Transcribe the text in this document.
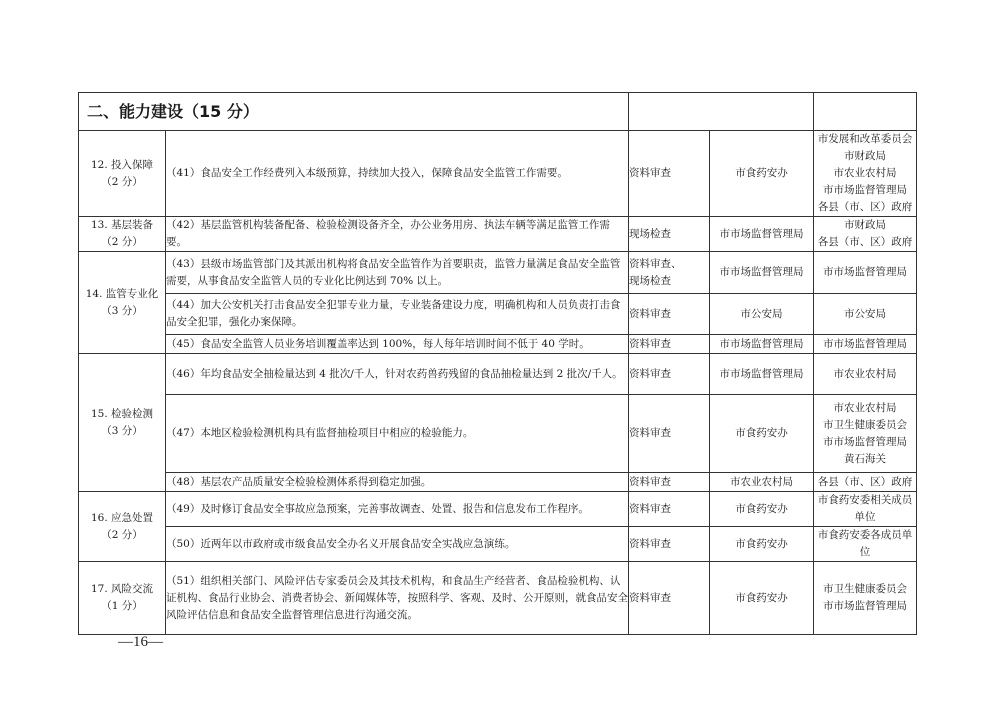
二、能力建设（15 分）				

12. 投入保障
（2 分）	（41）食品安全工作经费列入本级预算，持续加大投入，保障食品安全监管工作需要。	资料审查	市食药安办	市发展和改革委员会
市财政局
市农业农村局
市市场监督管理局
各县（市、区）政府

13. 基层装备
（2 分）	（42）基层监管机构装备配备、检验检测设备齐全，办公业务用房、执法车辆等满足监管工作需要。	现场检查	市市场监督管理局	市财政局
各县（市、区）政府

14. 监管专业化
（3 分）	（43）县级市场监管部门及其派出机构将食品安全监管作为首要职责，监管力量满足食品安全监管需要，从事食品安全监管人员的专业化比例达到 70% 以上。	资料审查、
现场检查	市市场监督管理局	市市场监督管理局

	（44）加大公安机关打击食品安全犯罪专业力量，专业装备建设力度，明确机构和人员负责打击食品安全犯罪，强化办案保障。	资料审查	市公安局	市公安局

	（45）食品安全监管人员业务培训覆盖率达到 100%，每人每年培训时间不低于 40 学时。	资料审查	市市场监督管理局	市市场监督管理局

15. 检验检测
（3 分）	（46）年均食品安全抽检量达到 4 批次/千人，针对农药兽药残留的食品抽检量达到 2 批次/千人。	资料审查	市市场监督管理局	市农业农村局

	（47）本地区检验检测机构具有监督抽检项目中相应的检验能力。	资料审查	市食药安办	市农业农村局
市卫生健康委员会
市市场监督管理局
黄石海关

	（48）基层农产品质量安全检验检测体系得到稳定加强。	资料审查	市农业农村局	各县（市、区）政府

16. 应急处置
（2 分）	（49）及时修订食品安全事故应急预案，完善事故调查、处置、报告和信息发布工作程序。	资料审查	市食药安办	市食药安委相关成员单位

	（50）近两年以市政府或市级食品安全办名义开展食品安全实战应急演练。	资料审查	市食药安办	市食药安委各成员单位

17. 风险交流
（1 分）	（51）组织相关部门、风险评估专家委员会及其技术机构，和食品生产经营者、食品检验机构、认证机构、食品行业协会、消费者协会、新闻媒体等，按照科学、客观、及时、公开原则，就食品安全风险评估信息和食品安全监督管理信息进行沟通交流。	资料审查	市食药安办	市卫生健康委员会
市市场监督管理局
—16—
